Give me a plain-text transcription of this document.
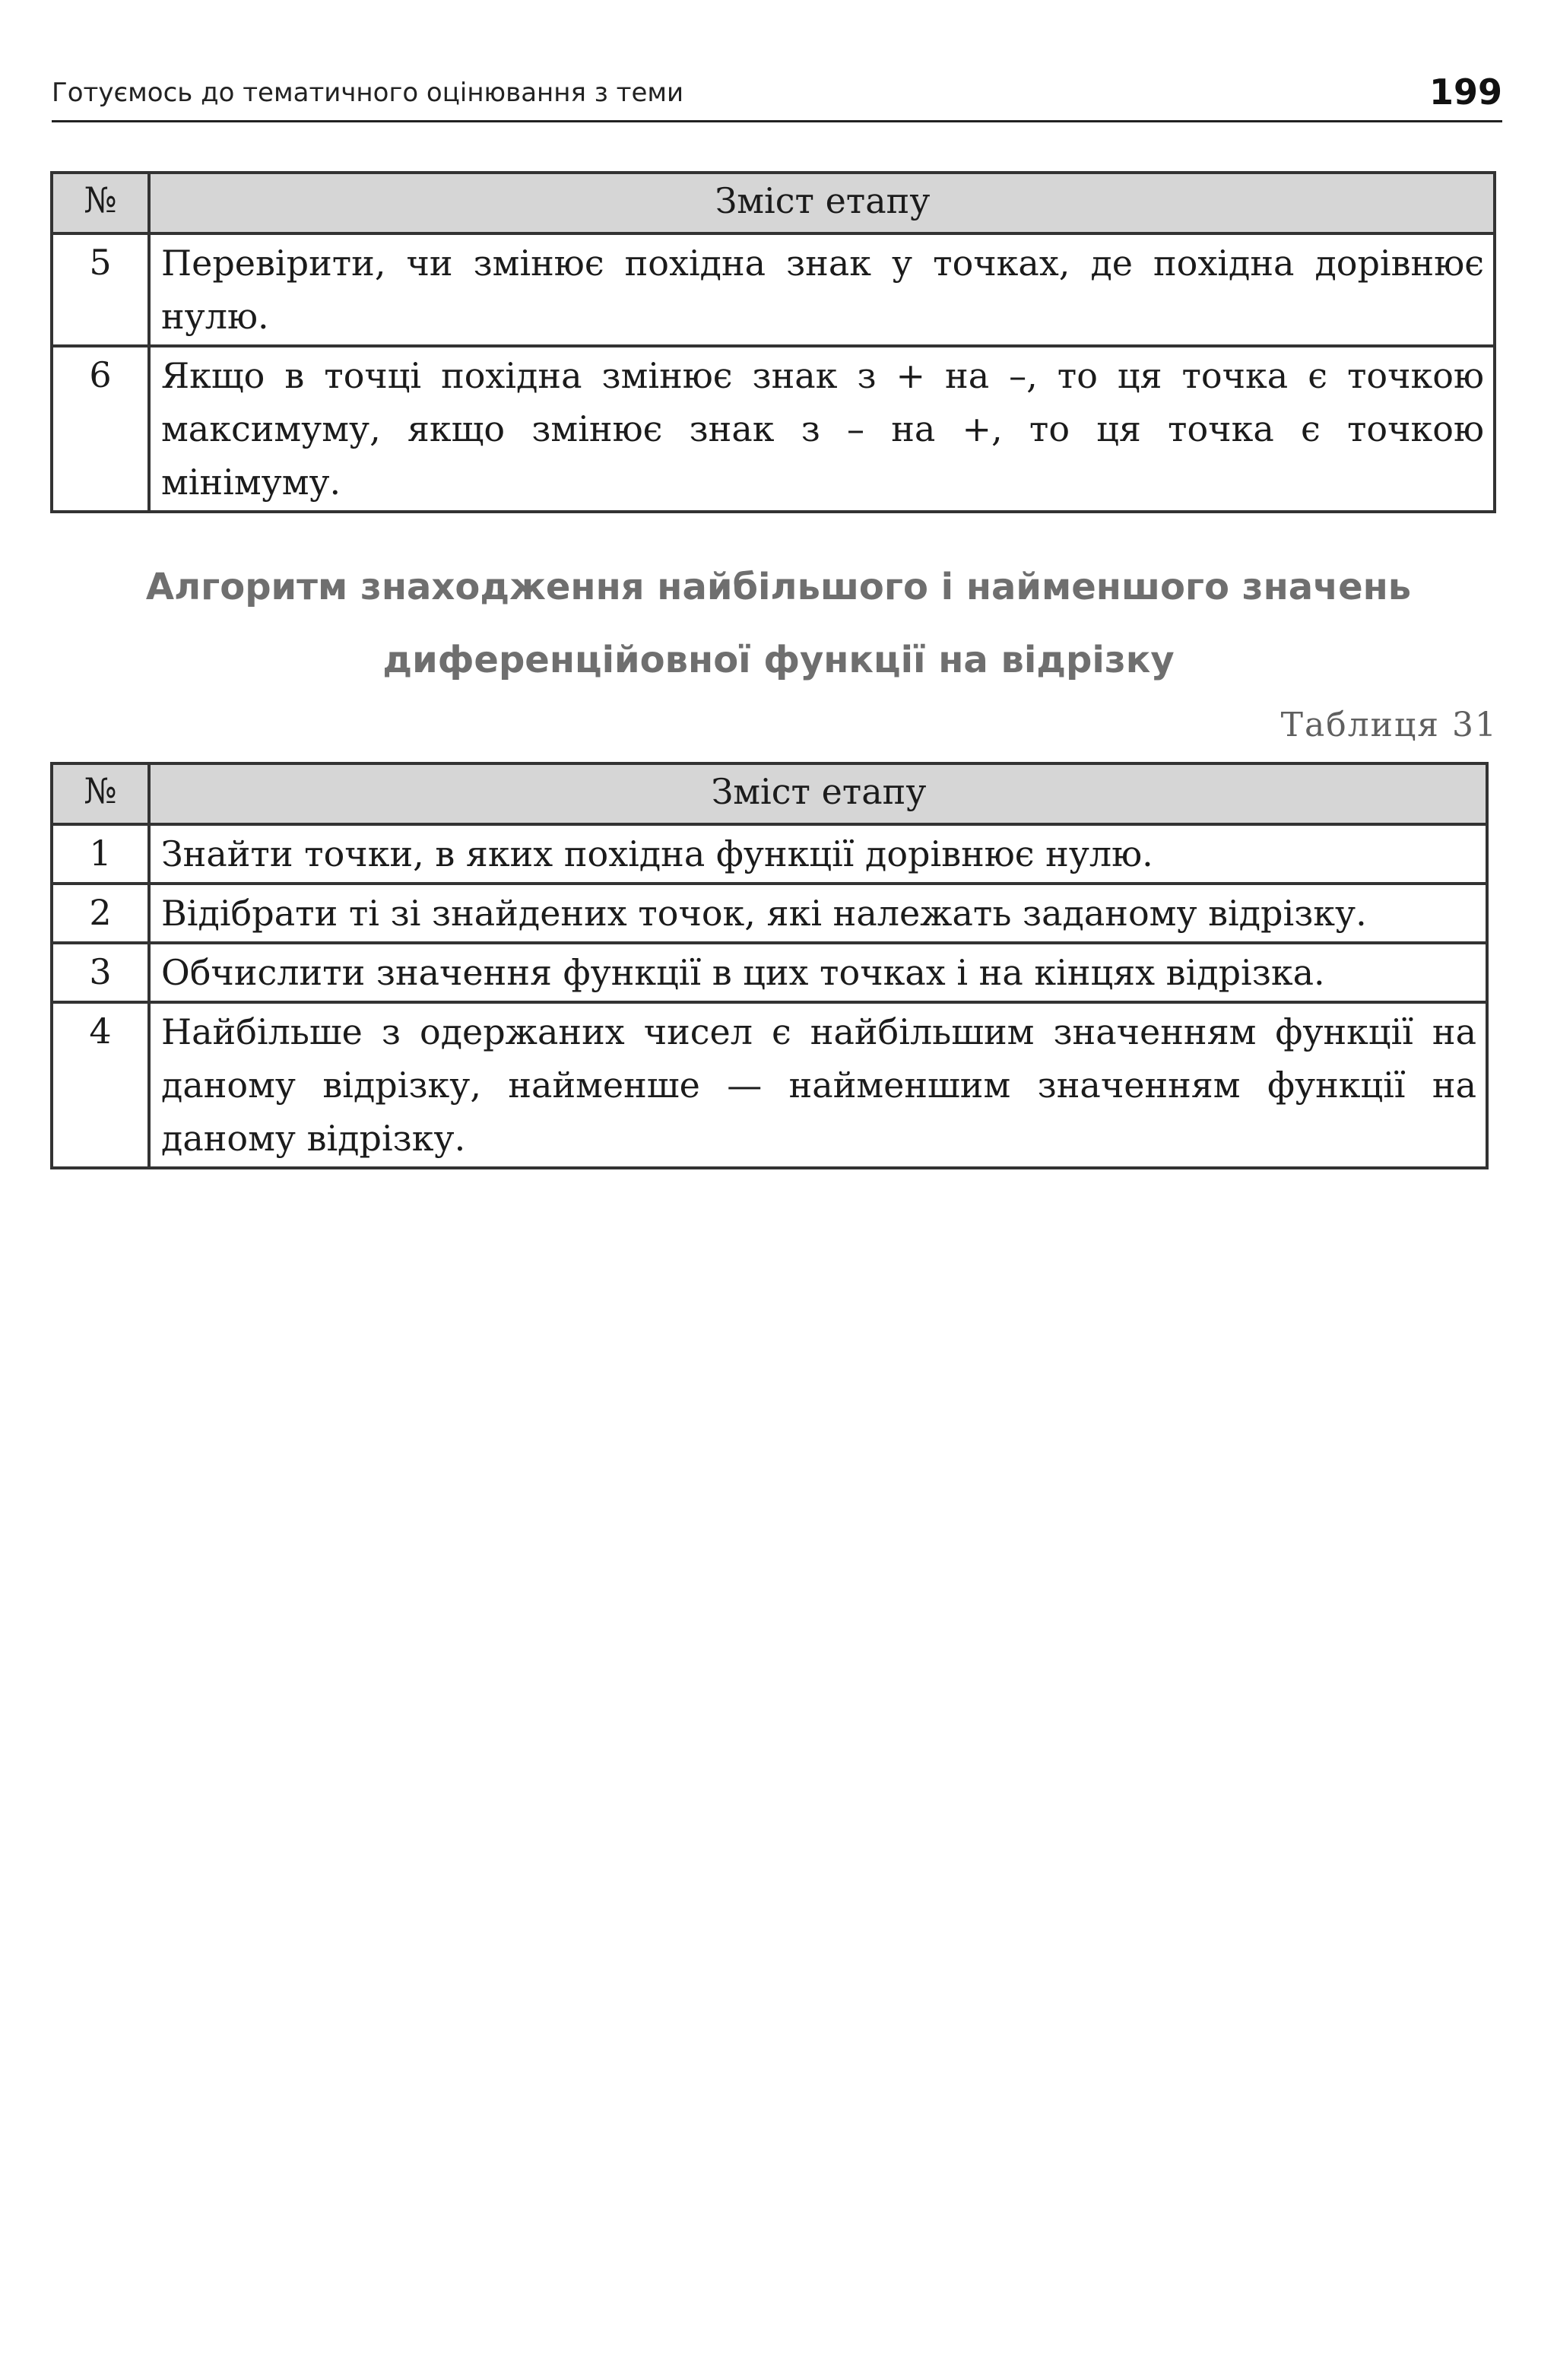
Готуємось до тематичного оцінювання з теми	199
№	Зміст етапу
5	Перевірити, чи змінює похідна знак у точках, де похідна дорівнює нулю.
6	Якщо в точці похідна змінює знак з + на –, то ця точка є точкою максимуму, якщо змінює знак з – на +, то ця точка є точкою мінімуму.
Алгоритм знаходження найбільшого і найменшого значень
диференційовної функції на відрізку
Таблиця 31
№	Зміст етапу
1	Знайти точки, в яких похідна функції дорівнює нулю.
2	Відібрати ті зі знайдених точок, які належать заданому відрізку.
3	Обчислити значення функції в цих точках і на кінцях відрізка.
4	Найбільше з одержаних чисел є найбільшим значенням функції на даному відрізку, найменше — найменшим значенням функції на даному відрізку.
